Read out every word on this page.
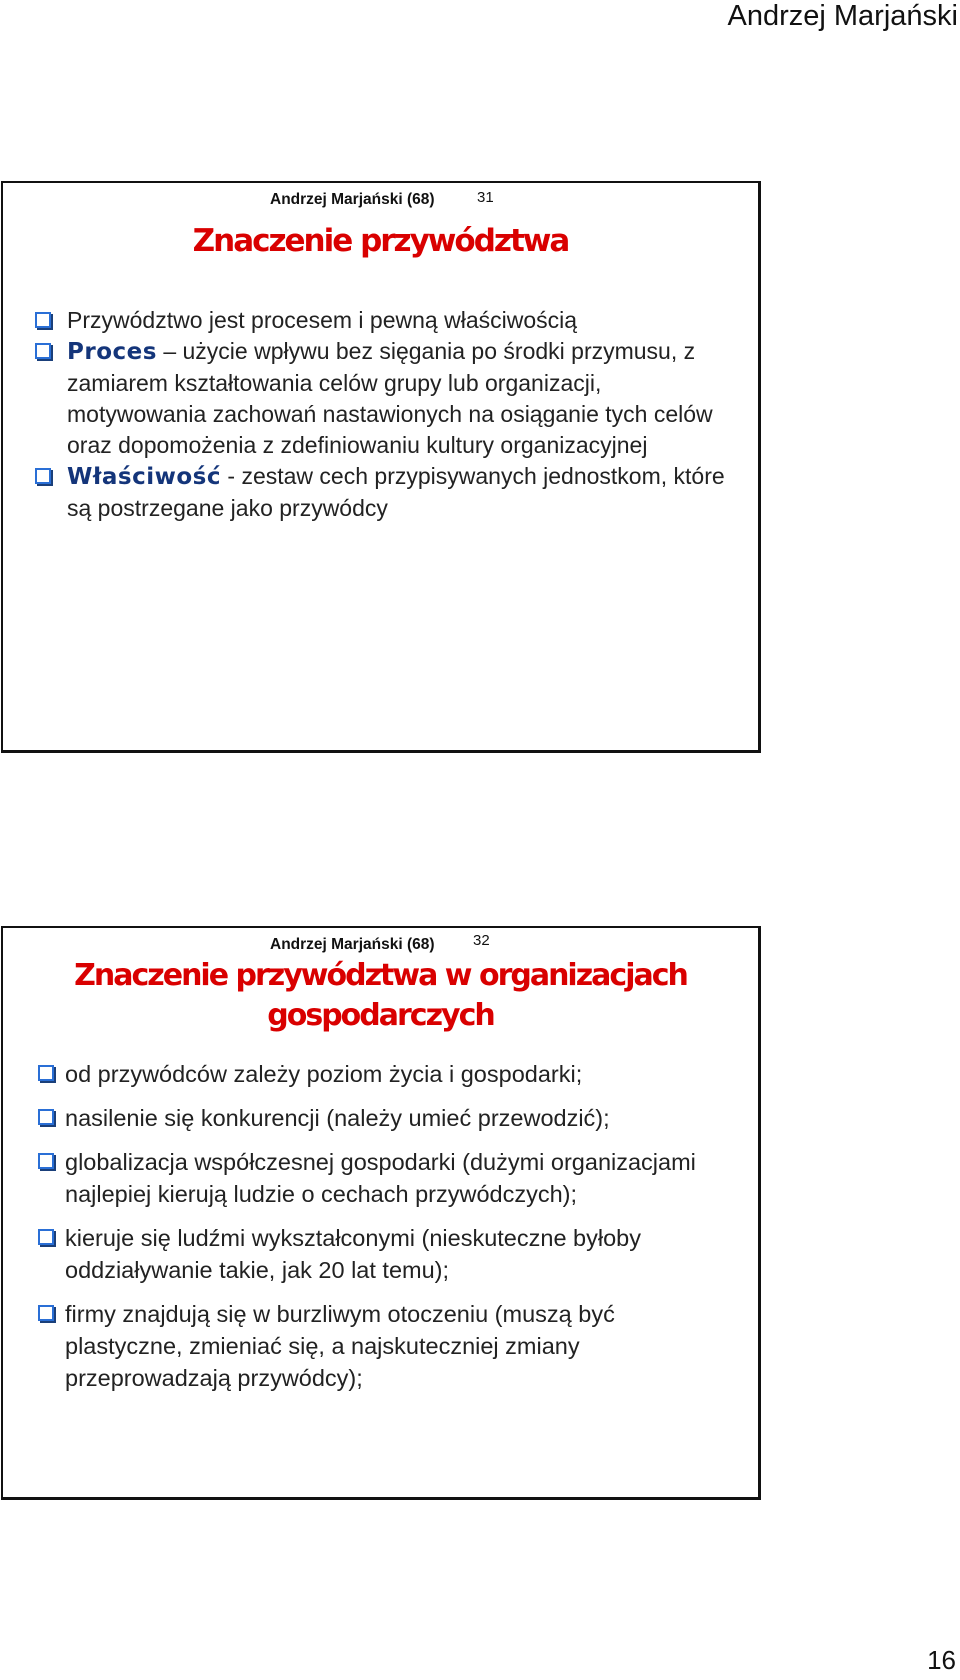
Andrzej Marjański
Andrzej Marjański (68)	31
Znaczenie przywództwa
Przywództwo jest procesem i pewną właściwością
Proces – użycie wpływu bez sięgania po środki przymusu, z zamiarem kształtowania celów grupy lub organizacji, motywowania zachowań nastawionych na osiąganie tych celów oraz dopomożenia z zdefiniowaniu kultury organizacyjnej
Właściwość - zestaw cech przypisywanych jednostkom, które są postrzegane jako przywódcy
Andrzej Marjański (68)	32
Znaczenie przywództwa w organizacjach
gospodarczych
od przywódców zależy poziom życia i gospodarki;
nasilenie się konkurencji (należy umieć przewodzić);
globalizacja współczesnej gospodarki (dużymi organizacjami najlepiej kierują ludzie o cechach przywódczych);
kieruje się ludźmi wykształconymi (nieskuteczne byłoby oddziaływanie takie, jak 20 lat temu);
firmy znajdują się w burzliwym otoczeniu (muszą być plastyczne, zmieniać się, a najskuteczniej zmiany przeprowadzają przywódcy);
16
